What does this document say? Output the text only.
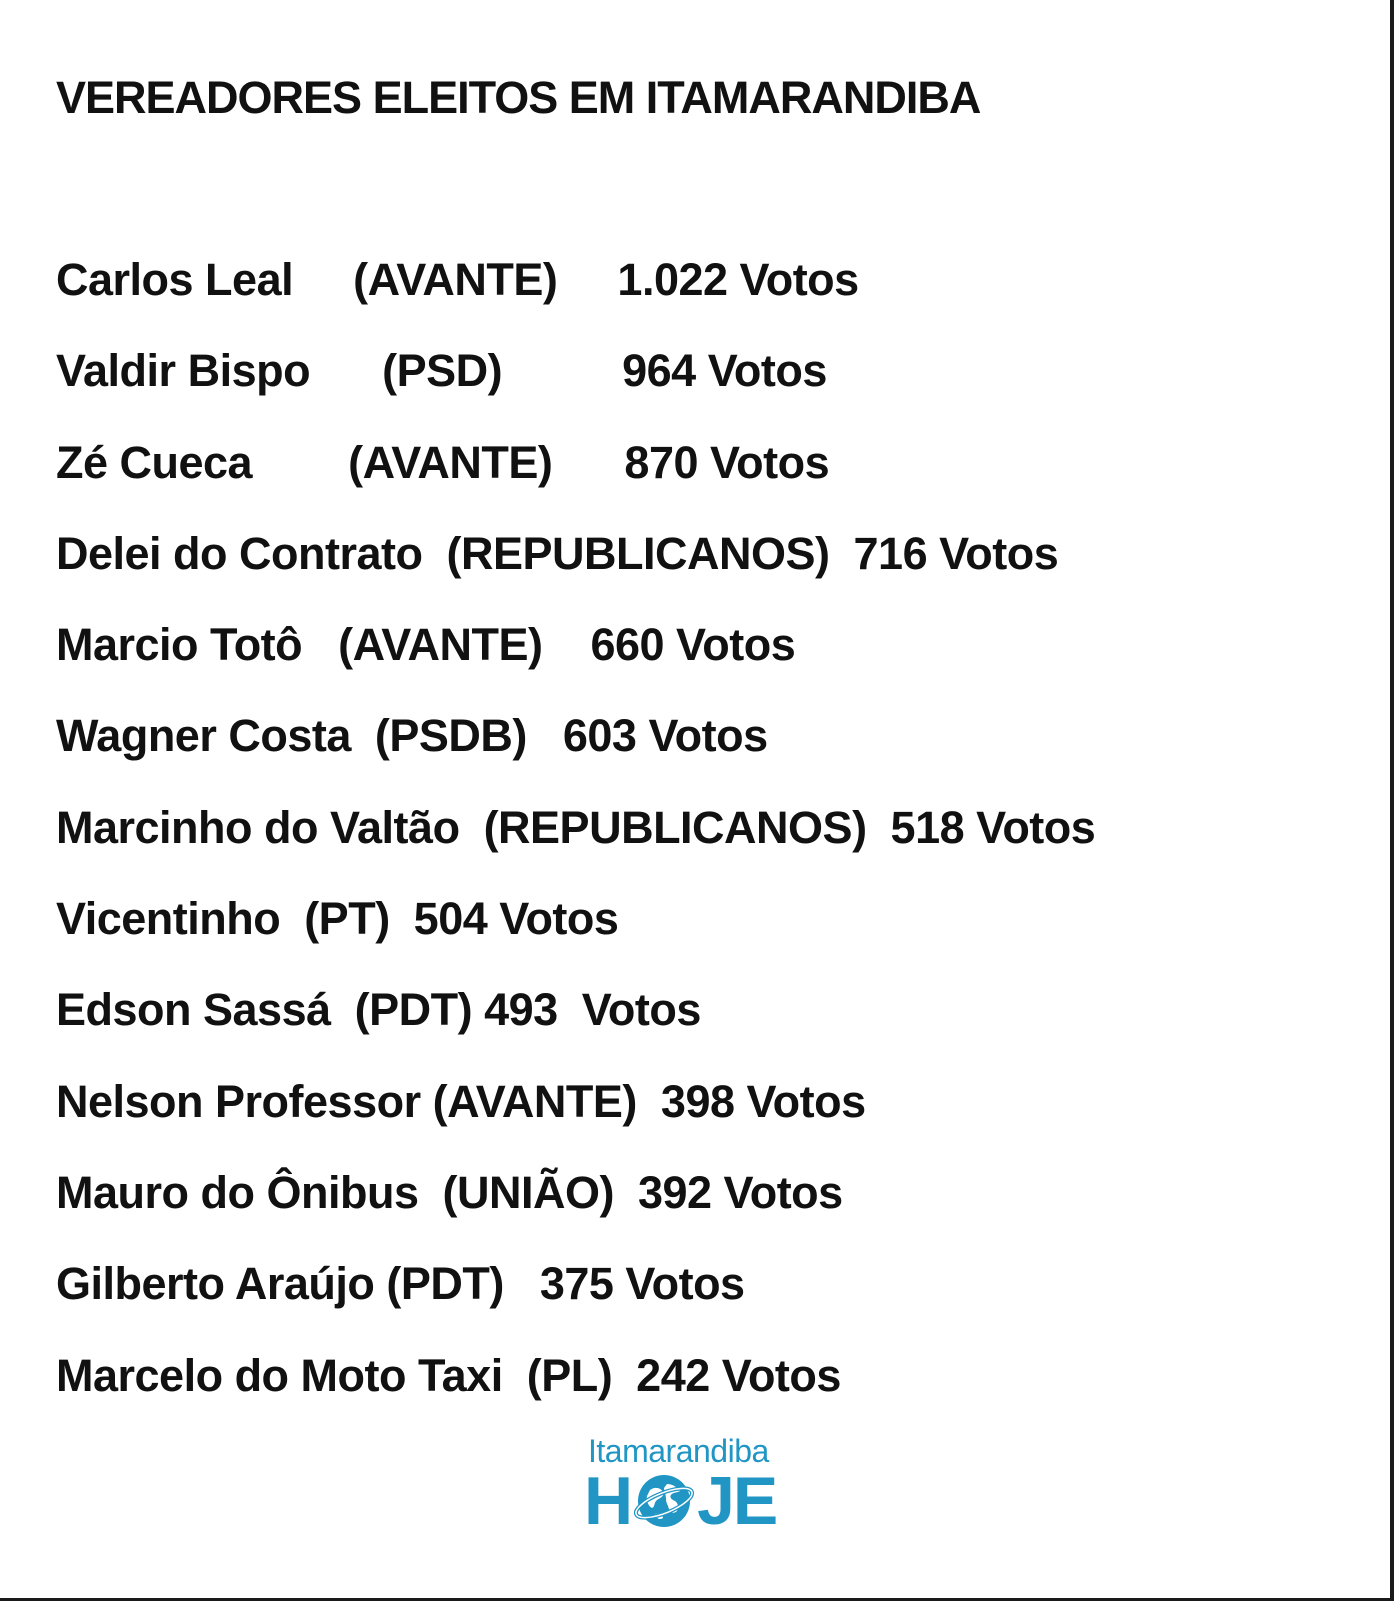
VEREADORES ELEITOS EM ITAMARANDIBA
Carlos Leal     (AVANTE)     1.022 Votos
Valdir Bispo      (PSD)          964 Votos
Zé Cueca        (AVANTE)      870 Votos
Delei do Contrato  (REPUBLICANOS)  716 Votos
Marcio Totô   (AVANTE)    660 Votos
Wagner Costa  (PSDB)   603 Votos
Marcinho do Valtão  (REPUBLICANOS)  518 Votos
Vicentinho  (PT)  504 Votos
Edson Sassá  (PDT) 493  Votos
Nelson Professor (AVANTE)  398 Votos
Mauro do Ônibus  (UNIÃO)  392 Votos
Gilberto Araújo (PDT)   375 Votos
Marcelo do Moto Taxi  (PL)  242 Votos
Itamarandiba
H JE
